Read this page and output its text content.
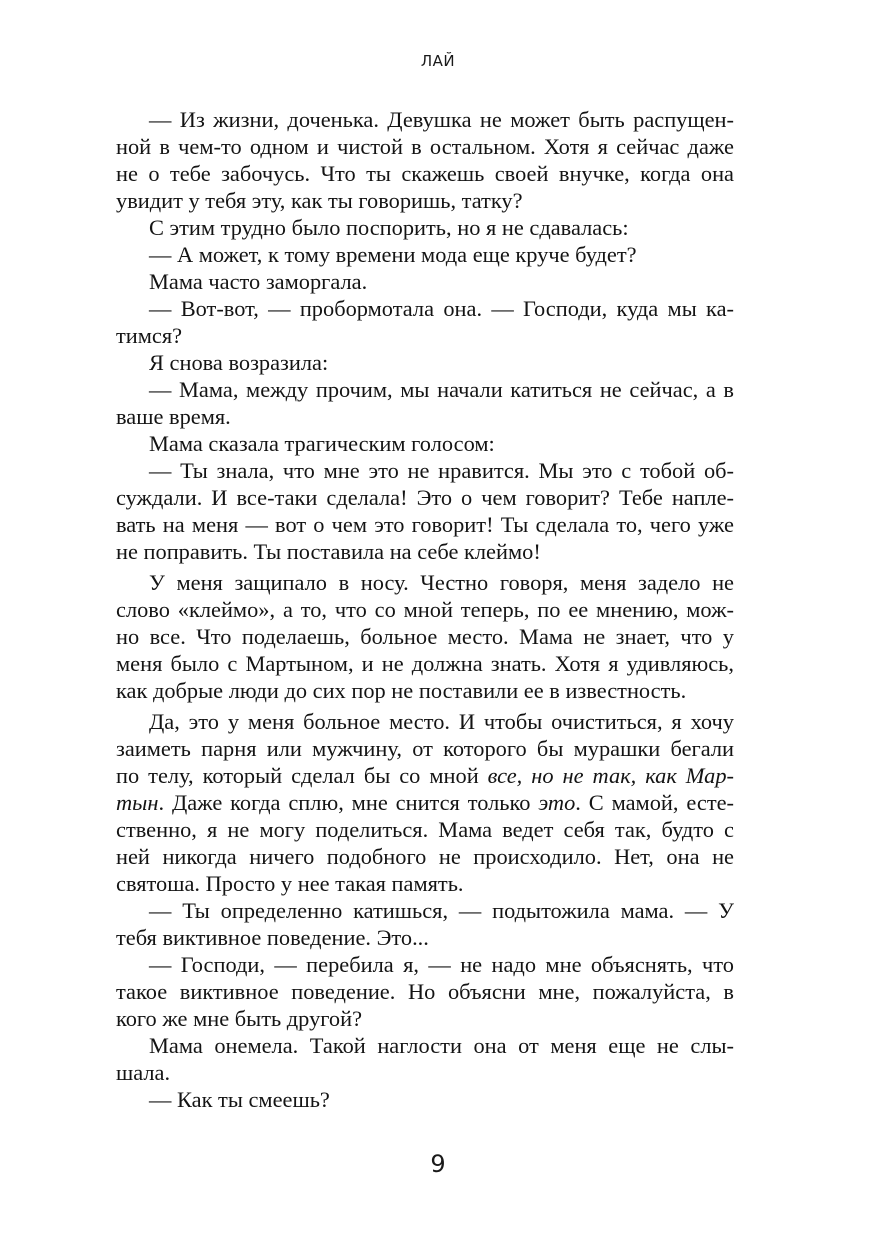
ЛАЙ
— Из жизни, доченька. Девушка не может быть распущен-
ной в чем-то одном и чистой в остальном. Хотя я сейчас даже
не о тебе забочусь. Что ты скажешь своей внучке, когда она
увидит у тебя эту, как ты говоришь, татку?
С этим трудно было поспорить, но я не сдавалась:
— А может, к тому времени мода еще круче будет?
Мама часто заморгала.
— Вот-вот, — пробормотала она. — Господи, куда мы ка-
тимся?
Я снова возразила:
— Мама, между прочим, мы начали катиться не сейчас, а в
ваше время.
Мама сказала трагическим голосом:
— Ты знала, что мне это не нравится. Мы это с тобой об-
суждали. И все-таки сделала! Это о чем говорит? Тебе напле-
вать на меня — вот о чем это говорит! Ты сделала то, чего уже
не поправить. Ты поставила на себе клеймо!
У меня защипало в носу. Честно говоря, меня задело не
слово «клеймо», а то, что со мной теперь, по ее мнению, мож-
но все. Что поделаешь, больное место. Мама не знает, что у
меня было с Мартыном, и не должна знать. Хотя я удивляюсь,
как добрые люди до сих пор не поставили ее в известность.
Да, это у меня больное место. И чтобы очиститься, я хочу
заиметь парня или мужчину, от которого бы мурашки бегали
по телу, который сделал бы со мной все, но не так, как Мар-
тын. Даже когда сплю, мне снится только это. С мамой, есте-
ственно, я не могу поделиться. Мама ведет себя так, будто с
ней никогда ничего подобного не происходило. Нет, она не
святоша. Просто у нее такая память.
— Ты определенно катишься, — подытожила мама. — У
тебя виктивное поведение. Это...
— Господи, — перебила я, — не надо мне объяснять, что
такое виктивное поведение. Но объясни мне, пожалуйста, в
кого же мне быть другой?
Мама онемела. Такой наглости она от меня еще не слы-
шала.
— Как ты смеешь?
9
